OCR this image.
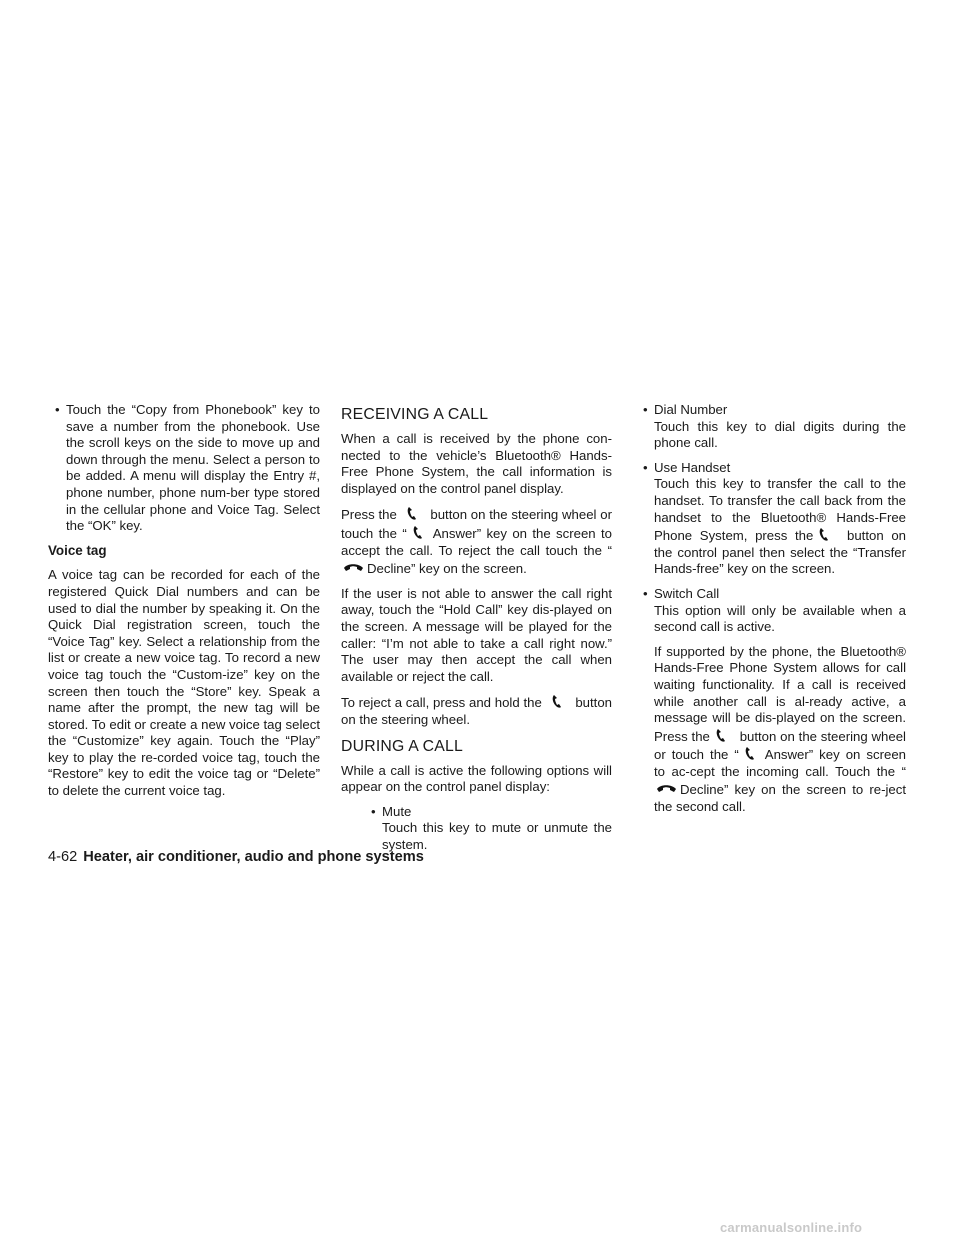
• Touch the “Copy from Phonebook” key to save a number from the phonebook. Use the scroll keys on the side to move up and down through the menu. Select a person to be added. A menu will display the Entry #, phone number, phone num-ber type stored in the cellular phone and Voice Tag. Select the “OK” key.
Voice tag

A voice tag can be recorded for each of the registered Quick Dial numbers and can be used to dial the number by speaking it. On the Quick Dial registration screen, touch the “Voice Tag” key. Select a relationship from the list or create a new voice tag. To record a new voice tag touch the “Custom-ize” key on the screen then touch the “Store” key. Speak a name after the prompt, the new tag will be stored. To edit or create a new voice tag select the “Customize” key again. Touch the “Play” key to play the re-corded voice tag, touch the “Restore” key to edit the voice tag or “Delete” to delete the current voice tag.

RECEIVING A CALL

When a call is received by the phone con-nected to the vehicle’s Bluetooth® Hands-Free Phone System, the call information is displayed on the control panel display.

Press the	button on the steering wheel or touch the “ Answer” key on the screen to accept the call. To reject the call touch the “
Decline” key on the screen.

If the user is not able to answer the call right away, touch the “Hold Call” key dis-played on the screen. A message will be played for the caller: “I’m not able to take a call right now.” The user may then accept the call when available or reject the call.

To reject a call, press and hold the	button on the steering wheel.

DURING A CALL

While a call is active the following options will appear on the control panel display:

• Mute
Touch this key to mute or unmute the system.
• Dial Number
Touch this key to dial digits during the phone call.
• Use Handset
Touch this key to transfer the call to the handset. To transfer the call back from the handset to the Bluetooth® Hands-Free Phone System, press the	button on the control panel then select the “Transfer Hands-free” key on the screen.
• Switch Call
This option will only be available when a second call is active.

If supported by the phone, the Bluetooth® Hands-Free Phone System allows for call waiting functionality. If a call is received while another call is al-ready active, a message will be dis-played on the screen. Press the button on the steering wheel or touch the “ Answer” key on screen to ac-cept the incoming call. Touch the “
Decline” key on the screen to re-ject the second call.

4-62 Heater, air conditioner, audio and phone systems
carmanualsonline.info
